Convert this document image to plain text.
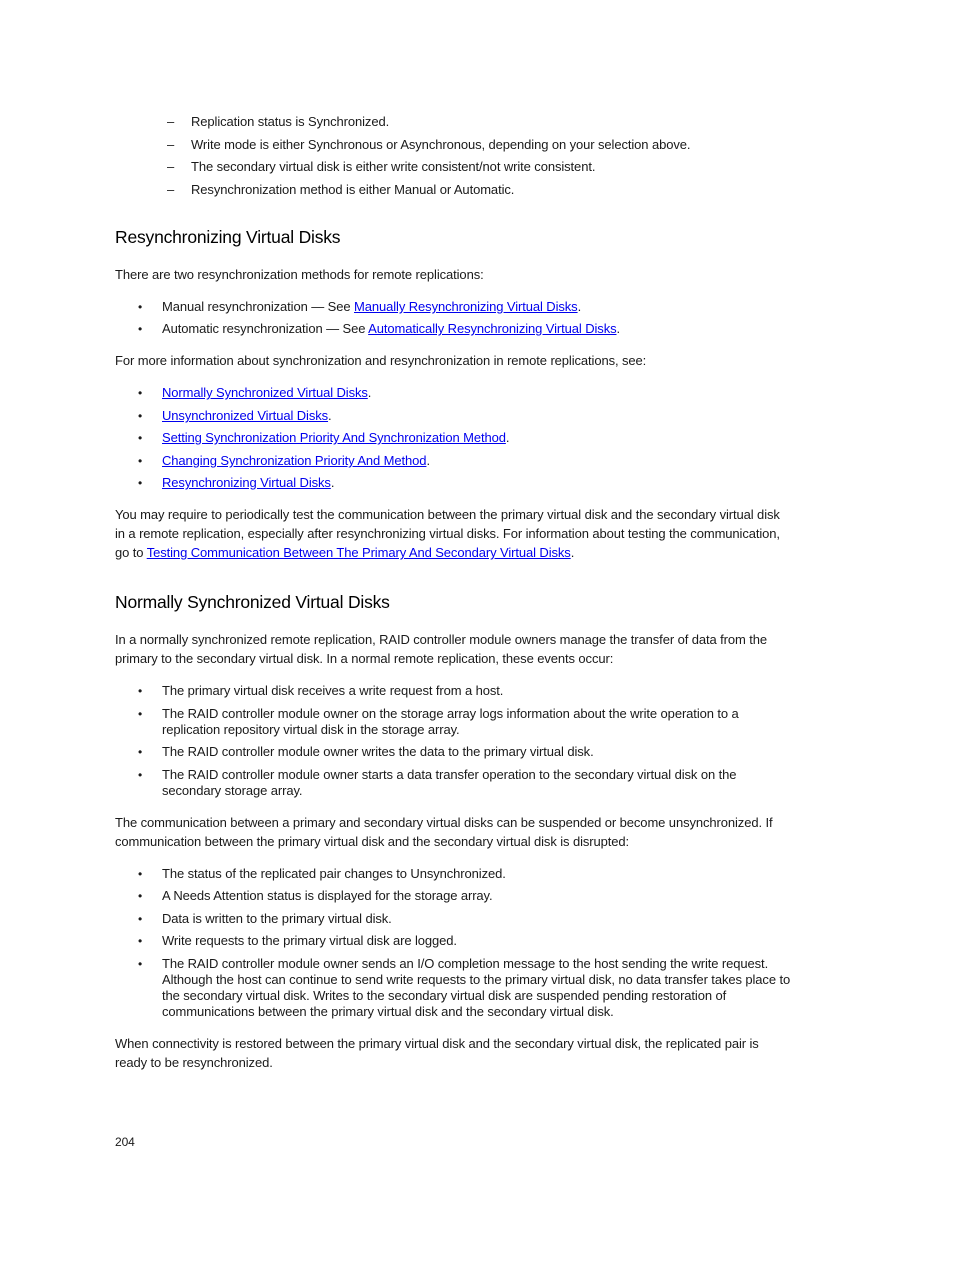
– Replication status is Synchronized.
– Write mode is either Synchronous or Asynchronous, depending on your selection above.
– The secondary virtual disk is either write consistent/not write consistent.
– Resynchronization method is either Manual or Automatic.
Resynchronizing Virtual Disks
There are two resynchronization methods for remote replications:
• Manual resynchronization — See Manually Resynchronizing Virtual Disks.
• Automatic resynchronization — See Automatically Resynchronizing Virtual Disks.
For more information about synchronization and resynchronization in remote replications, see:
• Normally Synchronized Virtual Disks.
• Unsynchronized Virtual Disks.
• Setting Synchronization Priority And Synchronization Method.
• Changing Synchronization Priority And Method.
• Resynchronizing Virtual Disks.
You may require to periodically test the communication between the primary virtual disk and the secondary virtual disk
in a remote replication, especially after resynchronizing virtual disks. For information about testing the communication,
go to Testing Communication Between The Primary And Secondary Virtual Disks.
Normally Synchronized Virtual Disks
In a normally synchronized remote replication, RAID controller module owners manage the transfer of data from the
primary to the secondary virtual disk. In a normal remote replication, these events occur:
• The primary virtual disk receives a write request from a host.
• The RAID controller module owner on the storage array logs information about the write operation to a
replication repository virtual disk in the storage array.
• The RAID controller module owner writes the data to the primary virtual disk.
• The RAID controller module owner starts a data transfer operation to the secondary virtual disk on the
secondary storage array.
The communication between a primary and secondary virtual disks can be suspended or become unsynchronized. If
communication between the primary virtual disk and the secondary virtual disk is disrupted:
• The status of the replicated pair changes to Unsynchronized.
• A Needs Attention status is displayed for the storage array.
• Data is written to the primary virtual disk.
• Write requests to the primary virtual disk are logged.
• The RAID controller module owner sends an I/O completion message to the host sending the write request.
Although the host can continue to send write requests to the primary virtual disk, no data transfer takes place to
the secondary virtual disk. Writes to the secondary virtual disk are suspended pending restoration of
communications between the primary virtual disk and the secondary virtual disk.
When connectivity is restored between the primary virtual disk and the secondary virtual disk, the replicated pair is
ready to be resynchronized.
204
